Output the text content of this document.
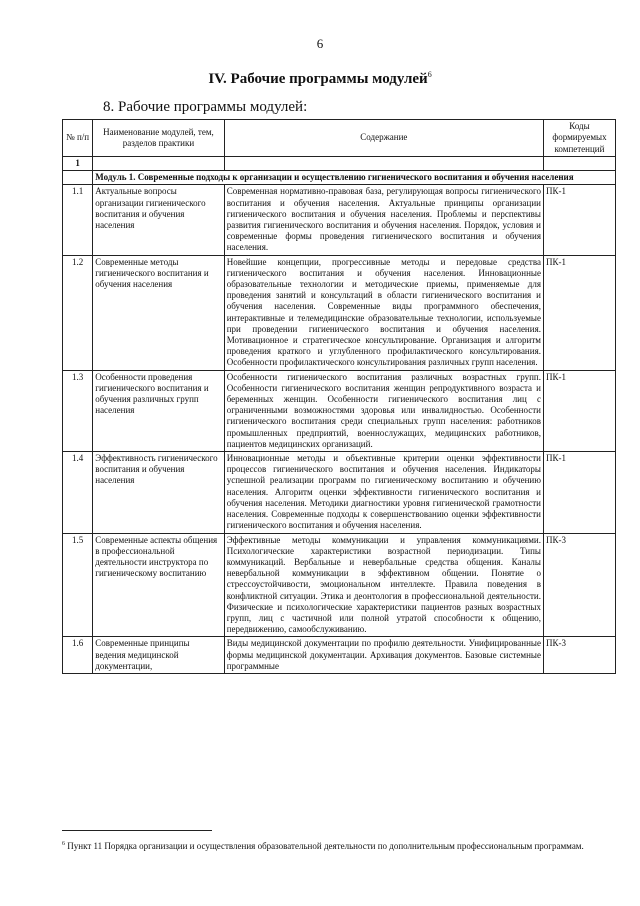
6
IV. Рабочие программы модулей$^6$
8. Рабочие программы модулей:
№ п/п	Наименование модулей, тем, разделов практики	Содержание	Коды формируемых компетенций
1			
	Модуль 1. Современные подходы к организации и осуществлению гигиенического воспитания и обучения населения		
1.1	Актуальные вопросы организации гигиенического воспитания и обучения населения	Современная нормативно-правовая база, регулирующая вопросы гигиенического воспитания и обучения населения. Актуальные принципы организации гигиенического воспитания и обучения населения. Проблемы и перспективы развития гигиенического воспитания и обучения населения. Порядок, условия и современные формы проведения гигиенического воспитания и обучения населения.	ПК-1
1.2	Современные методы гигиенического воспитания и обучения населения	Новейшие концепции, прогрессивные методы и передовые средства гигиенического воспитания и обучения населения. Инновационные образовательные технологии и методические приемы, применяемые для проведения занятий и консультаций в области гигиенического воспитания и обучения населения. Современные виды программного обеспечения, интерактивные и телемедицинские образовательные технологии, используемые при проведении гигиенического воспитания и обучения населения. Мотивационное и стратегическое консультирование. Организация и алгоритм проведения краткого и углубленного профилактического консультирования. Особенности профилактического консультирования различных групп населения.	ПК-1
1.3	Особенности проведения гигиенического воспитания и обучения различных групп населения	Особенности гигиенического воспитания различных возрастных групп. Особенности гигиенического воспитания женщин репродуктивного возраста и беременных женщин. Особенности гигиенического воспитания лиц с ограниченными возможностями здоровья или инвалидностью. Особенности гигиенического воспитания среди специальных групп населения: работников промышленных предприятий, военнослужащих, медицинских работников, пациентов медицинских организаций.	ПК-1
1.4	Эффективность гигиенического воспитания и обучения населения	Инновационные методы и объективные критерии оценки эффективности процессов гигиенического воспитания и обучения населения. Индикаторы успешной реализации программ по гигиеническому воспитанию и обучению населения. Алгоритм оценки эффективности гигиенического воспитания и обучения населения. Методики диагностики уровня гигиенической грамотности населения. Современные подходы к совершенствованию оценки эффективности гигиенического воспитания и обучения населения.	ПК-1
1.5	Современные аспекты общения в профессиональной деятельности инструктора по гигиеническому воспитанию	Эффективные методы коммуникации и управления коммуникациями. Психологические характеристики возрастной периодизации. Типы коммуникаций. Вербальные и невербальные средства общения. Каналы невербальной коммуникации в эффективном общении. Понятие о стрессоустойчивости, эмоциональном интеллекте. Правила поведения в конфликтной ситуации. Этика и деонтология в профессиональной деятельности. Физические и психологические характеристики пациентов разных возрастных групп, лиц с частичной или полной утратой способности к общению, передвижению, самообслуживанию.	ПК-3
1.6	Современные принципы ведения медицинской документации,	Виды медицинской документации по профилю деятельности. Унифицированные формы медицинской документации. Архивация документов. Базовые системные программные	ПК-3
$^6$ Пункт 11 Порядка организации и осуществления образовательной деятельности по дополнительным профессиональным программам.
